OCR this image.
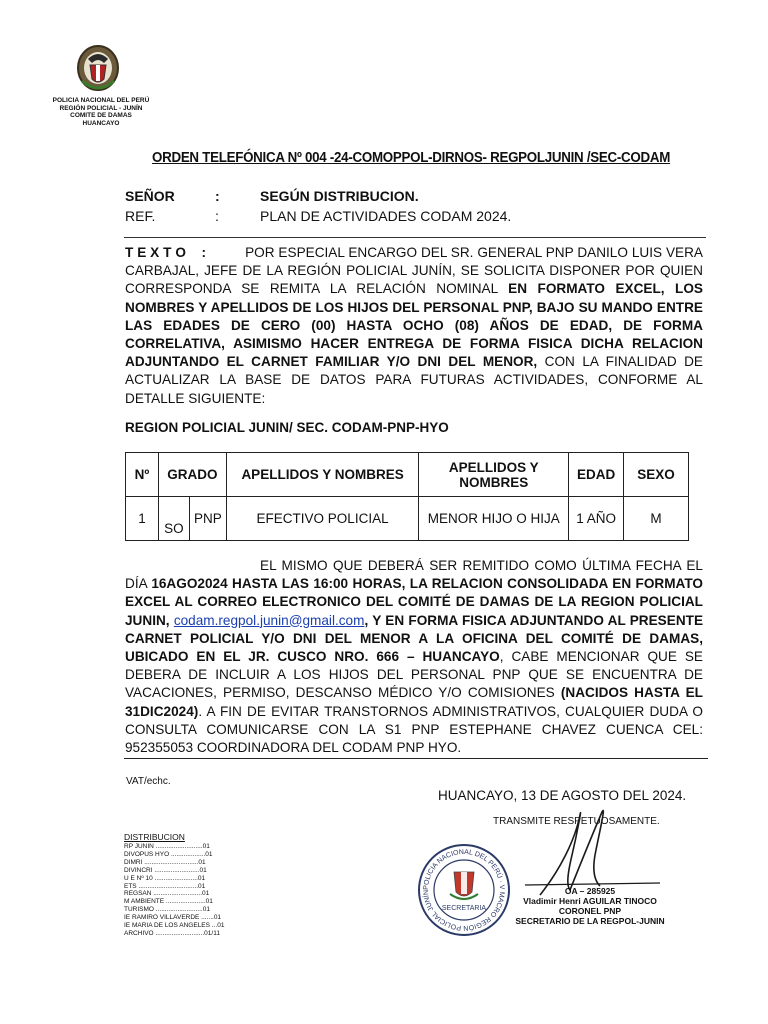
POLICIA NACIONAL DEL PERÚ
REGIÓN POLICIAL - JUNÍN
COMITE DE DAMAS
HUANCAYO
ORDEN TELEFÓNICA Nº 004 -24-COMOPPOL-DIRNOS- REGPOLJUNIN /SEC-CODAM
SEÑOR	:	SEGÚN DISTRIBUCION.
REF.	:	PLAN DE ACTIVIDADES CODAM 2024.
T E X T O :	POR ESPECIAL ENCARGO DEL SR. GENERAL PNP DANILO LUIS VERA CARBAJAL, JEFE DE LA REGIÓN POLICIAL JUNÍN, SE SOLICITA DISPONER POR QUIEN CORRESPONDA SE REMITA LA RELACIÓN NOMINAL EN FORMATO EXCEL, LOS NOMBRES Y APELLIDOS DE LOS HIJOS DEL PERSONAL PNP, BAJO SU MANDO ENTRE LAS EDADES DE CERO (00) HASTA OCHO (08) AÑOS DE EDAD, DE FORMA CORRELATIVA, ASIMISMO HACER ENTREGA DE FORMA FISICA DICHA RELACION ADJUNTANDO EL CARNET FAMILIAR Y/O DNI DEL MENOR, CON LA FINALIDAD DE ACTUALIZAR LA BASE DE DATOS PARA FUTURAS ACTIVIDADES, CONFORME AL DETALLE SIGUIENTE:
REGION POLICIAL JUNIN/ SEC. CODAM-PNP-HYO
Nº	GRADO		APELLIDOS Y NOMBRES	APELLIDOS Y NOMBRES	EDAD	SEXO
1	SO	PNP	EFECTIVO POLICIAL	MENOR HIJO O HIJA	1 AÑO	M
EL MISMO QUE DEBERÁ SER REMITIDO COMO ÚLTIMA FECHA EL DÍA 16AGO2024 HASTA LAS 16:00 HORAS, LA RELACION CONSOLIDADA EN FORMATO EXCEL AL CORREO ELECTRONICO DEL COMITÉ DE DAMAS DE LA REGION POLICIAL JUNIN, codam.regpol.junin@gmail.com, Y EN FORMA FISICA ADJUNTANDO AL PRESENTE CARNET POLICIAL Y/O DNI DEL MENOR A LA OFICINA DEL COMITÉ DE DAMAS, UBICADO EN EL JR. CUSCO NRO. 666 – HUANCAYO, CABE MENCIONAR QUE SE DEBERA DE INCLUIR A LOS HIJOS DEL PERSONAL PNP QUE SE ENCUENTRA DE VACACIONES, PERMISO, DESCANSO MÉDICO Y/O COMISIONES (NACIDOS HASTA EL 31DIC2024). A FIN DE EVITAR TRANSTORNOS ADMINISTRATIVOS, CUALQUIER DUDA O CONSULTA COMUNICARSE CON LA S1 PNP ESTEPHANE CHAVEZ CUENCA CEL: 952355053 COORDINADORA DEL CODAM PNP HYO.
VAT/echc.
HUANCAYO, 13 DE AGOSTO DEL 2024.
TRANSMITE RESPETUOSAMENTE.
DISTRIBUCION
RP JUNIN ..........................01
DIVOPUS HYO ...................01
DIMRI ..............................01
DIVINCRI .........................01
U E Nº 10 ........................01
ETS .................................01
REGSAN ...........................01
M AMBIENTE ......................01
TURISMO ..........................01
IE RAMIRO VILLAVERDE .......01
IE MARIA DE LOS ANGELES ...01
ARCHIVO ...........................01/11
POLICIA NACIONAL DEL PERÚ · V MACRO REGIÓN POLICIAL JUNÍN
SECRETARIA
OA – 285925
Vladimir Henri AGUILAR TINOCO
CORONEL PNP
SECRETARIO DE LA REGPOL-JUNIN
